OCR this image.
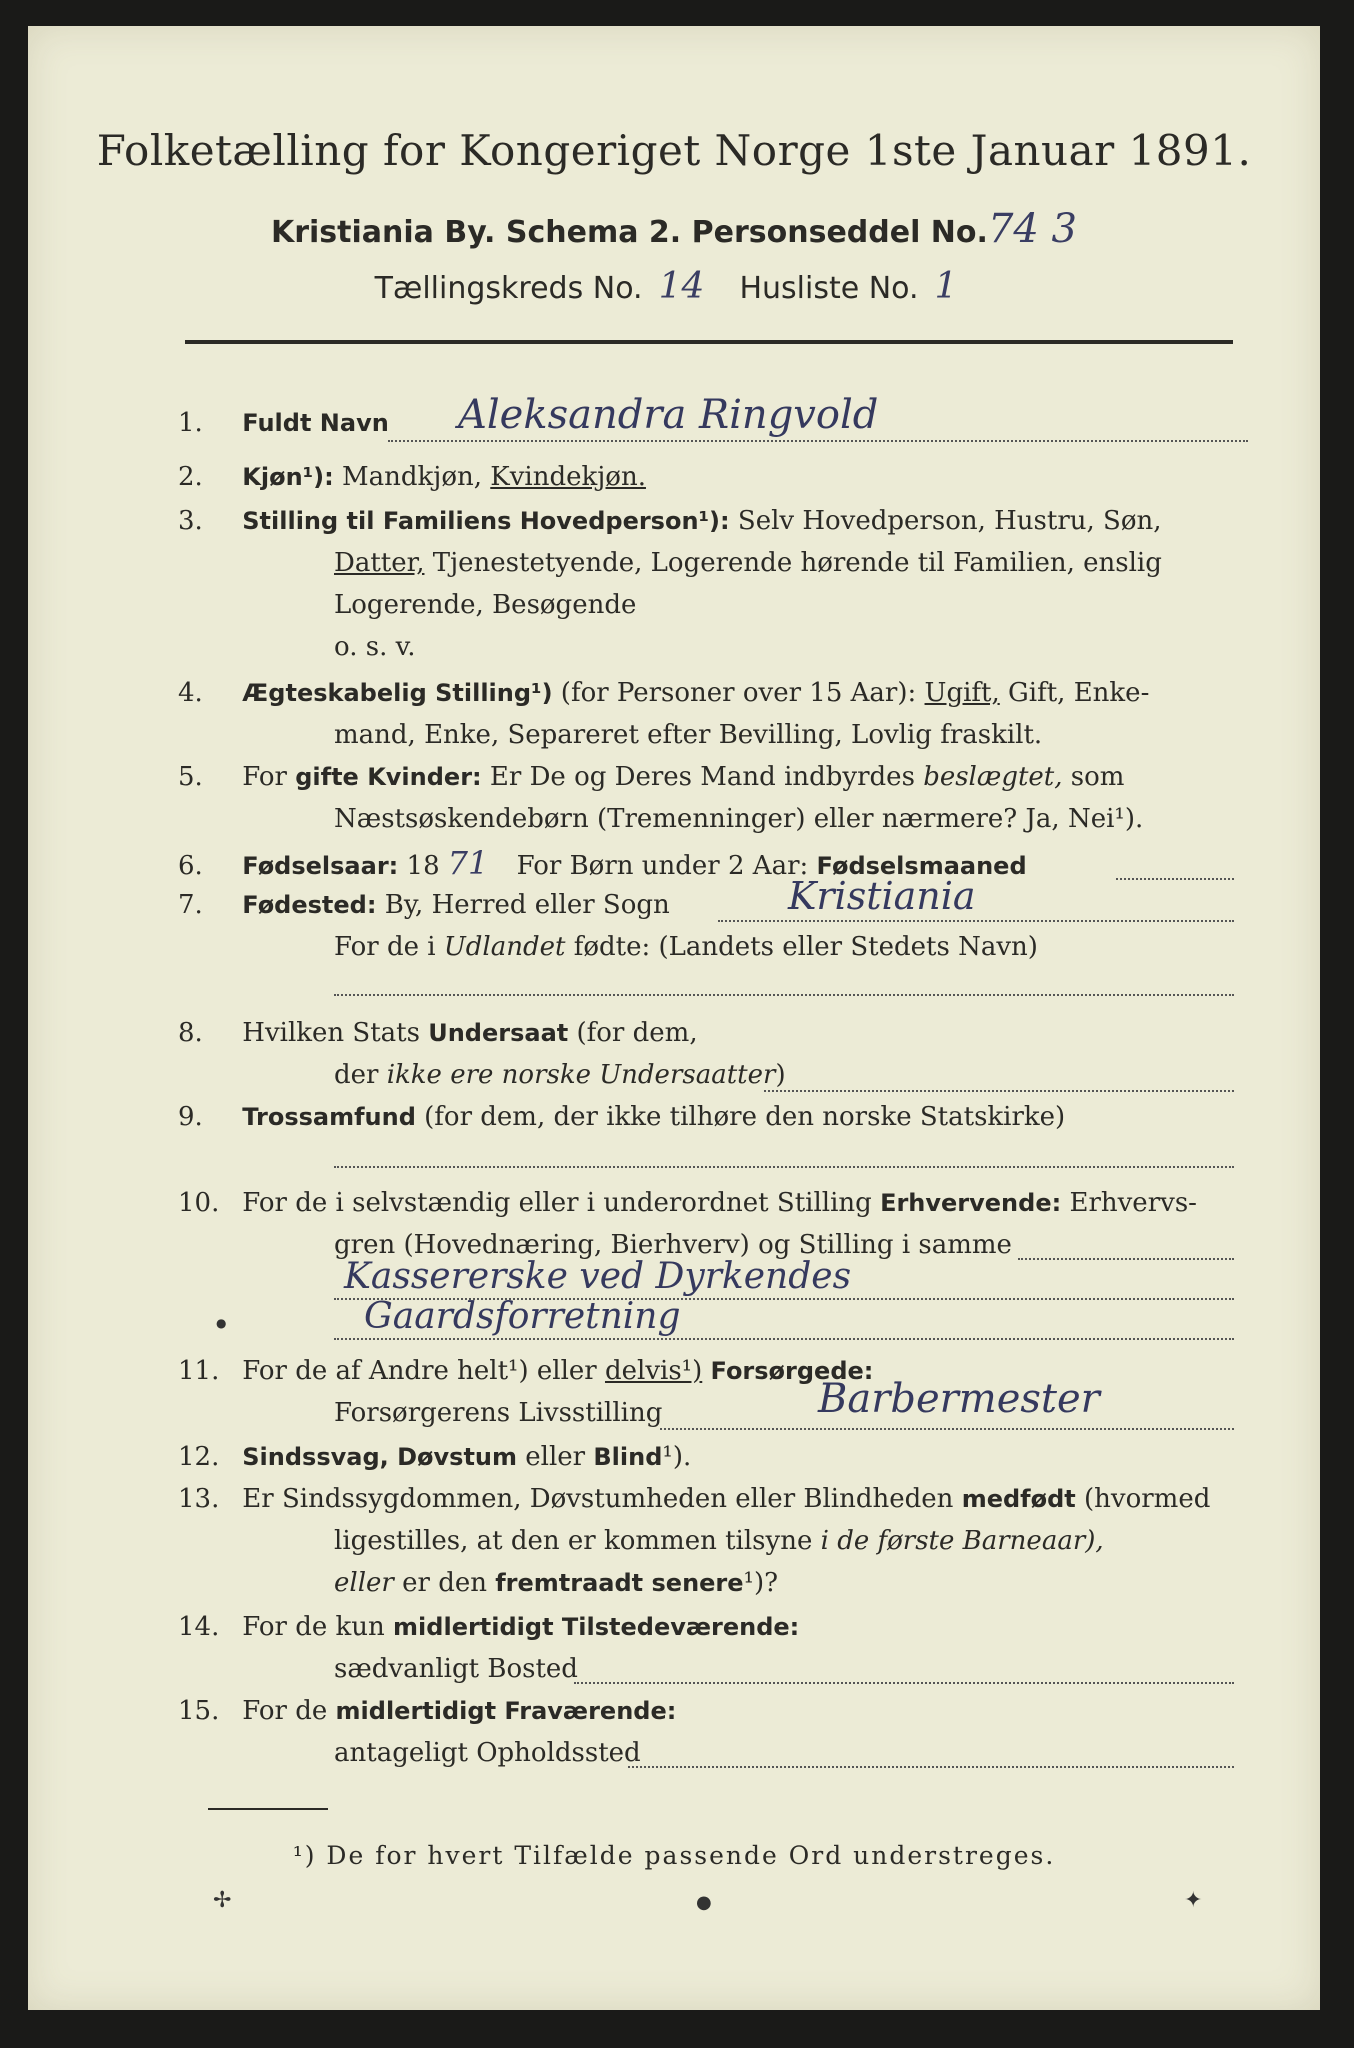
Folketælling for Kongeriget Norge 1ste Januar 1891.
Kristiania By. Schema 2. Personseddel No.74 3
Tællingskreds No. 14 Husliste No. 1
1. Fuldt Navn	Aleksandra Ringvold
2. Kjøn¹): Mandkjøn, Kvindekjøn.
3. Stilling til Familiens Hovedperson¹): Selv Hovedperson, Hustru, Søn,
Datter, Tjenestetyende, Logerende hørende til Familien, enslig
Logerende, Besøgende
o. s. v.
4. Ægteskabelig Stilling¹) (for Personer over 15 Aar): Ugift, Gift, Enke-
mand, Enke, Separeret efter Bevilling, Lovlig fraskilt.
5. For gifte Kvinder: Er De og Deres Mand indbyrdes beslægtet, som
Næstsøskendebørn (Tremenninger) eller nærmere? Ja, Nei¹).
6. Fødselsaar: 18 71 For Børn under 2 Aar: Fødselsmaaned
7. Fødested: By, Herred eller Sogn	Kristiania
For de i Udlandet fødte: (Landets eller Stedets Navn)
8. Hvilken Stats Undersaat (for dem,
der ikke ere norske Undersaatter)
9. Trossamfund (for dem, der ikke tilhøre den norske Statskirke)
10. For de i selvstændig eller i underordnet Stilling Erhvervende: Erhvervs-
gren (Hovednæring, Bierhverv) og Stilling i samme
Kassererske ved Dyrkendes
Gaardsforretning
11. For de af Andre helt¹) eller delvis¹) Forsørgede:
Forsørgerens Livsstilling	Barbermester
12. Sindssvag, Døvstum eller Blind¹).
13. Er Sindssygdommen, Døvstumheden eller Blindheden medfødt (hvormed
ligestilles, at den er kommen tilsyne i de første Barneaar),
eller er den fremtraadt senere¹)?
14. For de kun midlertidigt Tilstedeværende:
sædvanligt Bosted
15. For de midlertidigt Fraværende:
antageligt Opholdssted
¹) De for hvert Tilfælde passende Ord understreges.
✢	●	✦
●
